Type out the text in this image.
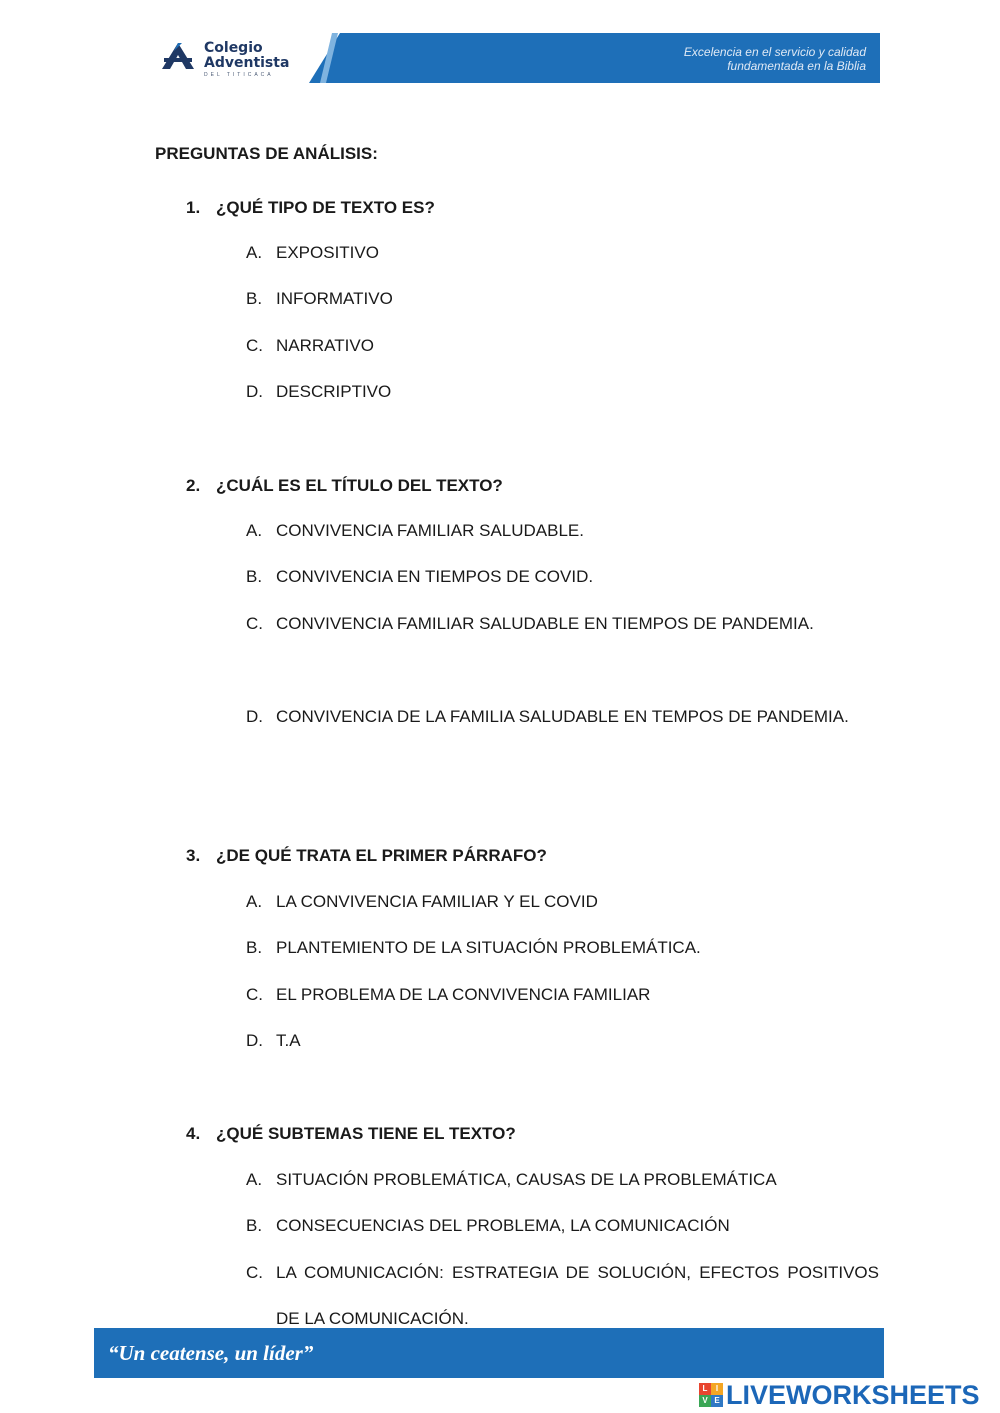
Colegio
Adventista
DEL TITICACA
Excelencia en el servicio y calidad
fundamentada en la Biblia
PREGUNTAS DE ANÁLISIS:
1. ¿QUÉ TIPO DE TEXTO ES?
A. EXPOSITIVO
B. INFORMATIVO
C. NARRATIVO
D. DESCRIPTIVO
2. ¿CUÁL ES EL TÍTULO DEL TEXTO?
A. CONVIVENCIA FAMILIAR SALUDABLE.
B. CONVIVENCIA EN TIEMPOS DE COVID.
C. CONVIVENCIA FAMILIAR SALUDABLE EN TIEMPOS DE PANDEMIA.
D. CONVIVENCIA DE LA FAMILIA SALUDABLE EN TEMPOS DE PANDEMIA.
3. ¿DE QUÉ TRATA EL PRIMER PÁRRAFO?
A. LA CONVIVENCIA FAMILIAR Y EL COVID
B. PLANTEMIENTO DE LA SITUACIÓN PROBLEMÁTICA.
C. EL PROBLEMA DE LA CONVIVENCIA FAMILIAR
D. T.A
4. ¿QUÉ SUBTEMAS TIENE EL TEXTO?
A. SITUACIÓN PROBLEMÁTICA, CAUSAS DE LA PROBLEMÁTICA
B. CONSECUENCIAS DEL PROBLEMA, LA COMUNICACIÓN
C. LA COMUNICACIÓN: ESTRATEGIA DE SOLUCIÓN, EFECTOS POSITIVOS DE LA COMUNICACIÓN.
“Un ceatense, un líder”
L	I
V E LIVEWORKSHEETS
